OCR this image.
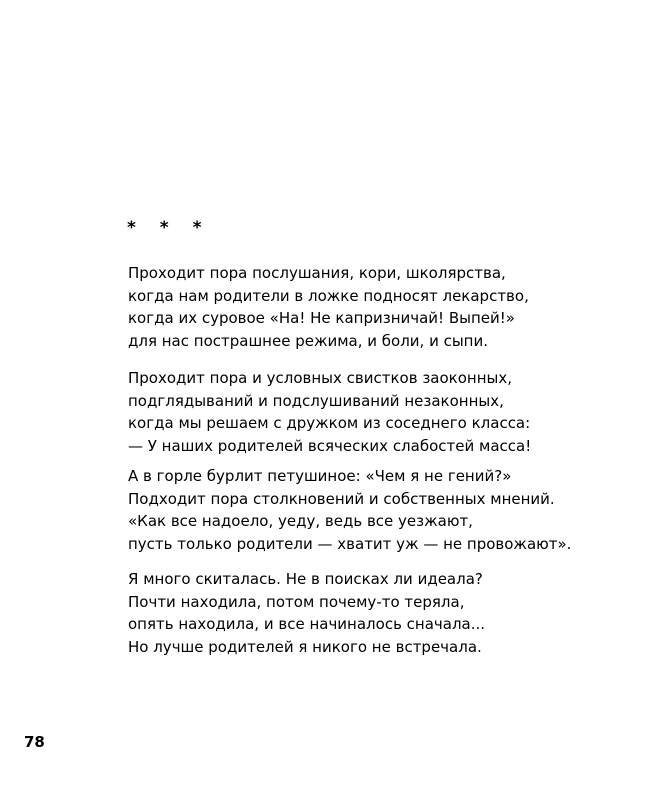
* * *

Проходит пора послушания, кори, школярства,
когда нам родители в ложке подносят лекарство,
когда их суровое «На! Не капризничай! Выпей!»
для нас пострашнее режима, и боли, и сыпи.

Проходит пора и условных свистков заоконных,
подглядываний и подслушиваний незаконных,
когда мы решаем с дружком из соседнего класса:
— У наших родителей всяческих слабостей масса!

А в горле бурлит петушиное: «Чем я не гений?»
Подходит пора столкновений и собственных мнений.
«Как все надоело, уеду, ведь все уезжают,
пусть только родители — хватит уж — не провожают».

Я много скиталась. Не в поисках ли идеала?
Почти находила, потом почему-то теряла,
опять находила, и все начиналось сначала...
Но лучше родителей я никого не встречала.

78
